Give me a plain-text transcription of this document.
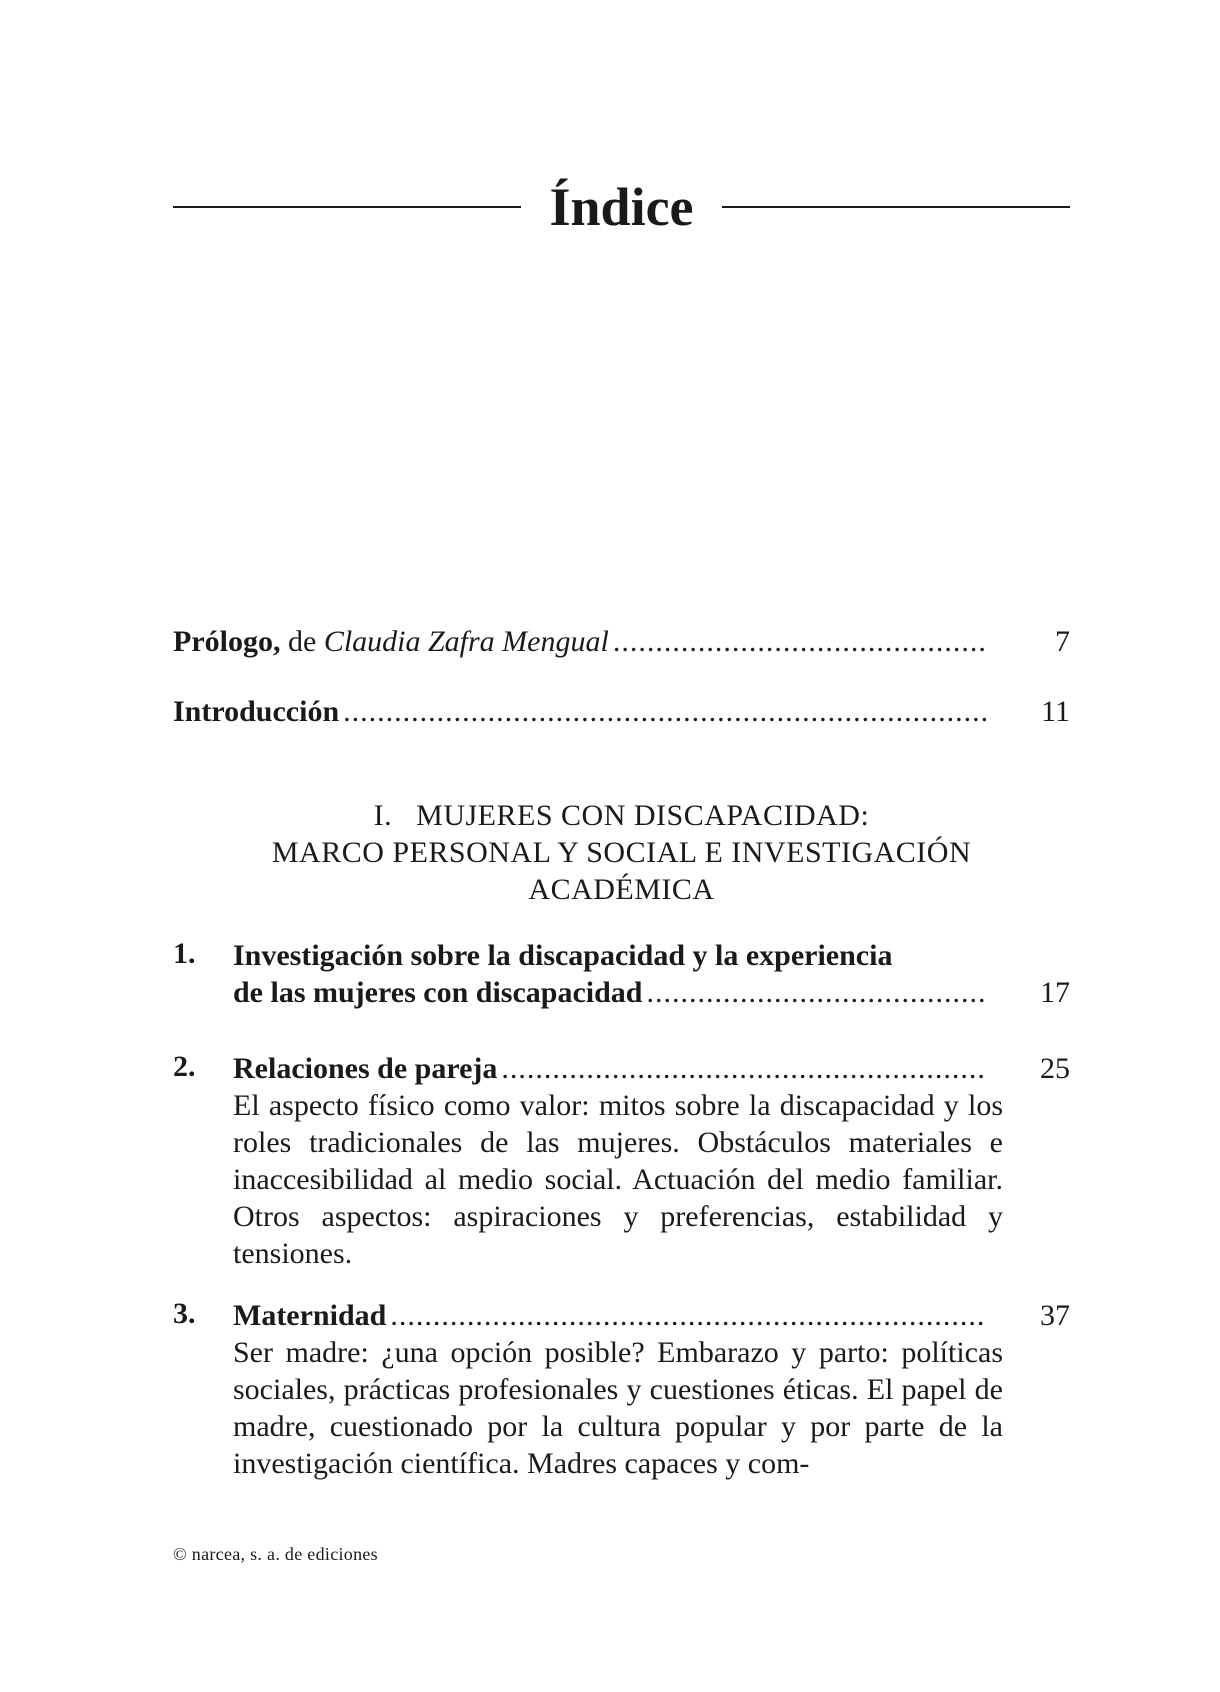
Índice
Prólogo, de Claudia Zafra Mengual .....	7
Introducción .....	11
I.   MUJERES CON DISCAPACIDAD:
MARCO PERSONAL Y SOCIAL E INVESTIGACIÓN
ACADÉMICA
1. Investigación sobre la discapacidad y la experiencia
de las mujeres con discapacidad .....	17
2. Relaciones de pareja .....	25
El aspecto físico como valor: mitos sobre la discapacidad y los roles tradicionales de las mujeres. Obstáculos materiales e inaccesibilidad al medio social. Actuación del medio familiar. Otros aspectos: aspiraciones y preferencias, estabilidad y tensiones.
3. Maternidad .....	37
Ser madre: ¿una opción posible? Embarazo y parto: políticas sociales, prácticas profesionales y cuestiones éticas. El papel de madre, cuestionado por la cultura popular y por parte de la investigación científica. Madres capaces y com-
© narcea, s. a. de ediciones
